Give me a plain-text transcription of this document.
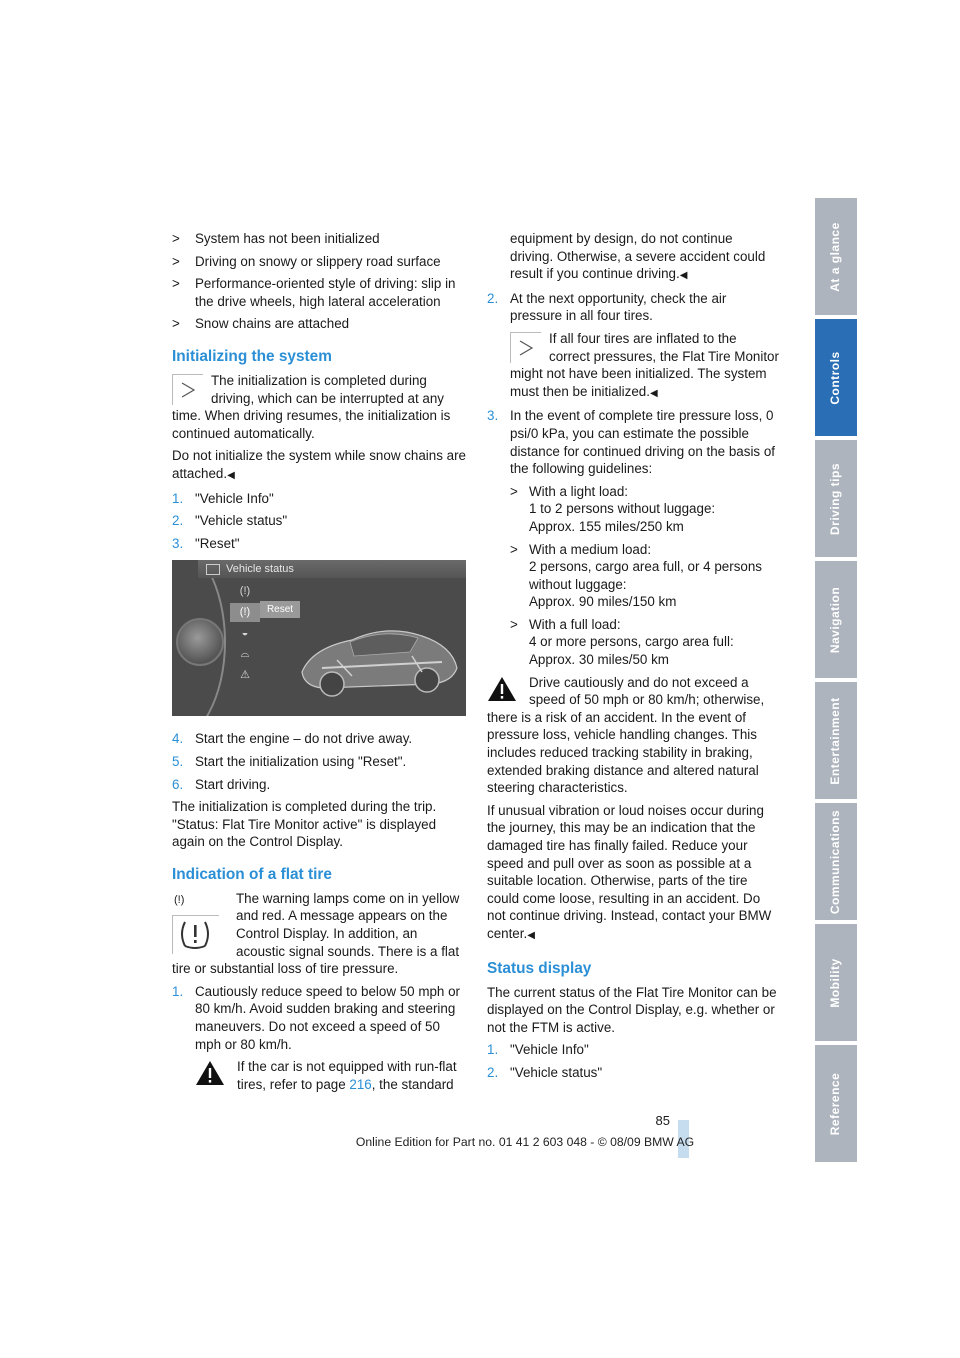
> System has not been initialized
> Driving on snowy or slippery road surface
> Performance-oriented style of driving: slip in the drive wheels, high lateral acceleration
> Snow chains are attached
Initializing the system

The initialization is completed during driving, which can be interrupted at any time. When driving resumes, the initialization is continued automatically.

Do not initialize the system while snow chains are attached.◀

1. "Vehicle Info"
2. "Vehicle status"
3. "Reset"
Vehicle status
(!)
(!)
◒
⌓
⚠
Reset
4. Start the engine – do not drive away.
5. Start the initialization using "Reset".
6. Start driving.

The initialization is completed during the trip. "Status: Flat Tire Monitor active" is displayed again on the Control Display.

Indication of a flat tire
(!)	The warning lamps come on in yellow and red. A message appears on the Control Display. In addition, an acoustic signal sounds. There is a flat tire or substantial loss of tire pressure.

1. Cautiously reduce speed to below 50 mph or 80 km/h. Avoid sudden braking and steering maneuvers. Do not exceed a speed of 50 mph or 80 km/h.

If the car is not equipped with run-flat tires, refer to page 216, the standard

equipment by design, do not continue driving. Otherwise, a severe accident could result if you continue driving.◀

2. At the next opportunity, check the air pressure in all four tires.

If all four tires are inflated to the correct pressures, the Flat Tire Monitor might not have been initialized. The system must then be initialized.◀

3. In the event of complete tire pressure loss, 0 psi/0 kPa, you can estimate the possible distance for continued driving on the basis of the following guidelines:
> With a light load:
1 to 2 persons without luggage:
Approx. 155 miles/250 km
> With a medium load:
2 persons, cargo area full, or 4 persons without luggage:
Approx. 90 miles/150 km
> With a full load:
4 or more persons, cargo area full:
Approx. 30 miles/50 km

Drive cautiously and do not exceed a speed of 50 mph or 80 km/h; otherwise, there is a risk of an accident. In the event of pressure loss, vehicle handling changes. This includes reduced tracking stability in braking, extended braking distance and altered natural steering characteristics.

If unusual vibration or loud noises occur during the journey, this may be an indication that the damaged tire has finally failed. Reduce your speed and pull over as soon as possible at a suitable location. Otherwise, parts of the tire could come loose, resulting in an accident. Do not continue driving. Instead, contact your BMW center.◀

Status display

The current status of the Flat Tire Monitor can be displayed on the Control Display, e.g. whether or not the FTM is active.

1. "Vehicle Info"
2. "Vehicle status"
At a glance
Controls
Driving tips
Navigation
Entertainment
Communications
Mobility
Reference
85
Online Edition for Part no. 01 41 2 603 048 - © 08/09 BMW AG
